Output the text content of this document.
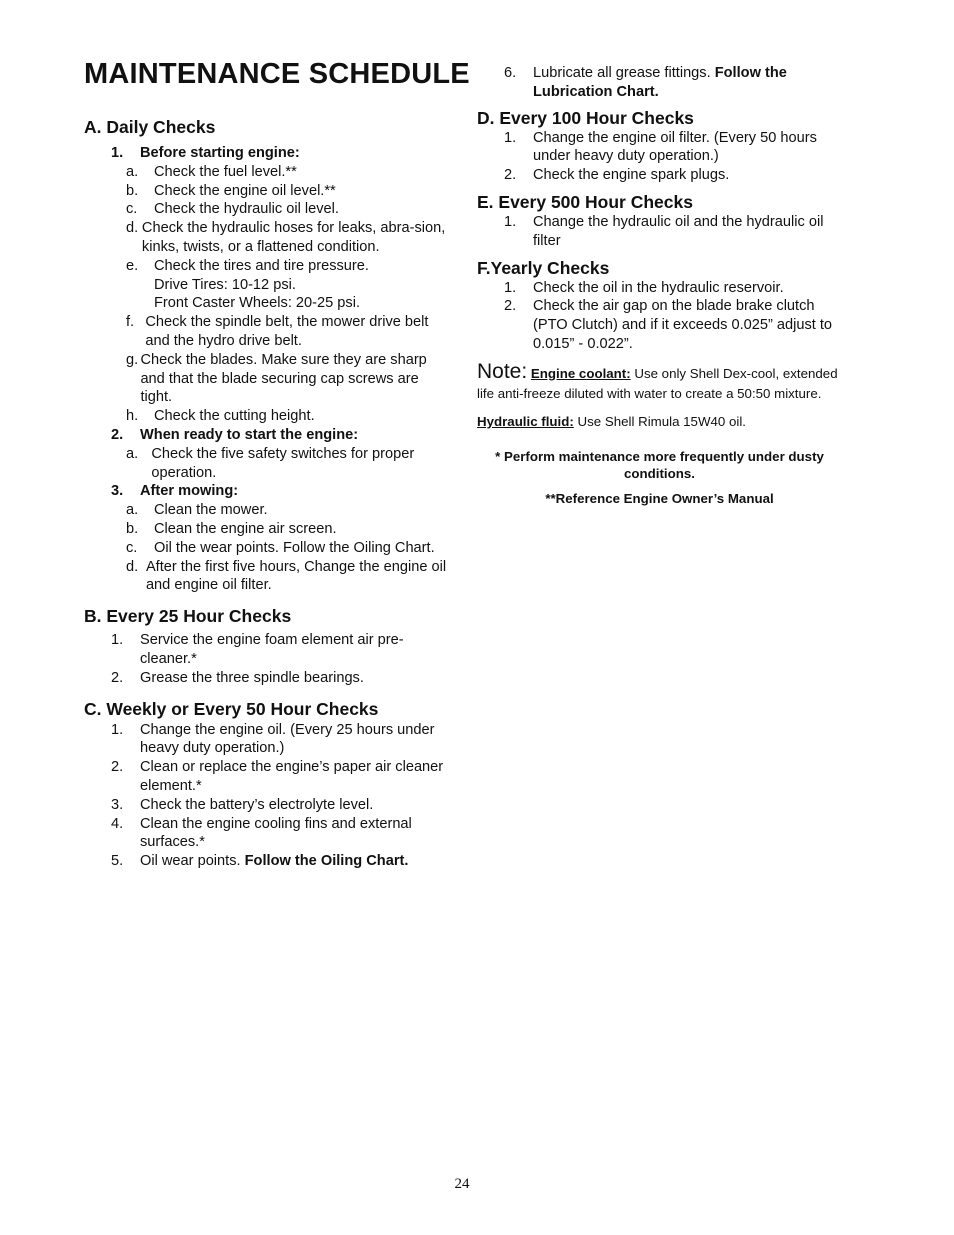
MAINTENANCE SCHEDULE
A. Daily Checks
1.	Before starting engine:
a.	Check the fuel level.**
b.	Check the engine oil level.**
c.	Check the hydraulic oil level.
d. Check the hydraulic hoses for leaks, abra-sion, kinks, twists, or a flattened condition.
e.	Check the tires and tire pressure.
Drive Tires: 10-12 psi.
Front Caster Wheels: 20-25 psi.
f. Check the spindle belt, the mower drive belt and the hydro drive belt.
g. Check the blades. Make sure they are sharp and that the blade securing cap screws are tight.
h.	Check the cutting height.
2.	When ready to start the engine:
a. Check the five safety switches for proper operation.
3.	After mowing:
a.	Clean the mower.
b.	Clean the engine air screen.
c.	Oil the wear points. Follow the Oiling Chart.
d. After the first five hours, Change the engine oil and engine oil filter.
B. Every 25 Hour Checks
1.	Service the engine foam element air pre-cleaner.*
2.	Grease the three spindle bearings.
C. Weekly or Every 50 Hour Checks
1.	Change the engine oil. (Every 25 hours under heavy duty operation.)
2.	Clean or replace the engine’s paper air cleaner element.*
3.	Check the battery’s electrolyte level.
4.	Clean the engine cooling fins and external surfaces.*
5.	Oil wear points. Follow the Oiling Chart.
6.	Lubricate all grease fittings. Follow the Lubrication Chart.
D. Every 100 Hour Checks
1.	Change the engine oil filter. (Every 50 hours under heavy duty operation.)
2.	Check the engine spark plugs.
E. Every 500 Hour Checks
1.	Change the hydraulic oil and the hydraulic oil filter
F.Yearly Checks
1.	Check the oil in the hydraulic reservoir.
2.	Check the air gap on the blade brake clutch (PTO Clutch) and if it exceeds 0.025” adjust to 0.015” - 0.022”.
Note: Engine coolant: Use only Shell Dex-cool, extended life anti-freeze diluted with water to create a 50:50 mixture.
Hydraulic fluid: Use Shell Rimula 15W40 oil.
* Perform maintenance more frequently under dusty conditions.
**Reference Engine Owner’s Manual
24
